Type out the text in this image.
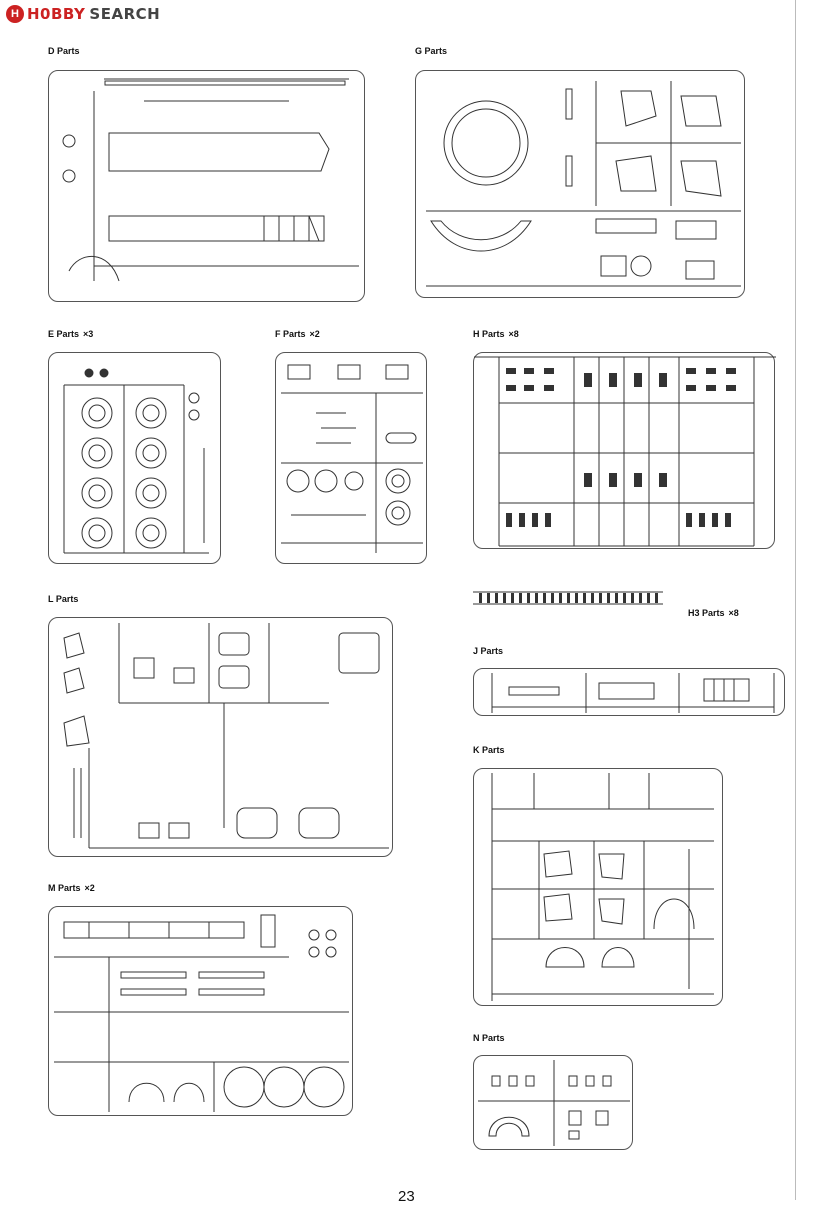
H H0BBY SEARCH
D Parts	G Parts
E Parts ×3	F Parts ×2	H Parts ×8
H3 Parts ×8
L Parts
J Parts
K Parts
M Parts ×2
N Parts
23
